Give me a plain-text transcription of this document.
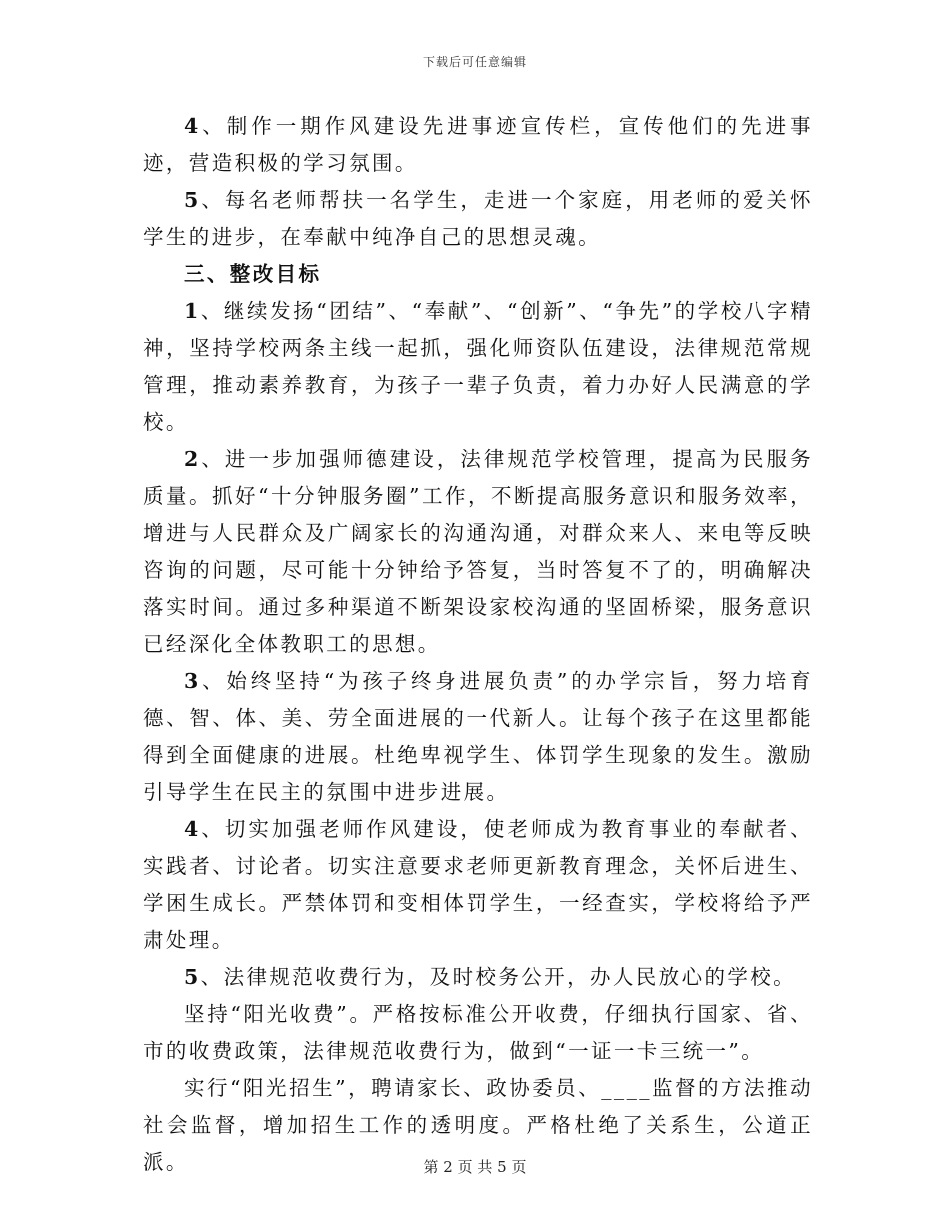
下载后可任意编辑

4、制作一期作风建设先进事迹宣传栏，宣传他们的先进事迹，营造积极的学习氛围。

5、每名老师帮扶一名学生，走进一个家庭，用老师的爱关怀学生的进步，在奉献中纯净自己的思想灵魂。

三、整改目标

1、继续发扬“团结”、“奉献”、“创新”、“争先”的学校八字精神，坚持学校两条主线一起抓，强化师资队伍建设，法律规范常规管理，推动素养教育，为孩子一辈子负责，着力办好人民满意的学校。

2、进一步加强师德建设，法律规范学校管理，提高为民服务质量。抓好“十分钟服务圈”工作，不断提高服务意识和服务效率，增进与人民群众及广阔家长的沟通沟通，对群众来人、来电等反映咨询的问题，尽可能十分钟给予答复，当时答复不了的，明确解决落实时间。通过多种渠道不断架设家校沟通的坚固桥梁，服务意识已经深化全体教职工的思想。

3、始终坚持“为孩子终身进展负责”的办学宗旨，努力培育德、智、体、美、劳全面进展的一代新人。让每个孩子在这里都能得到全面健康的进展。杜绝卑视学生、体罚学生现象的发生。激励引导学生在民主的氛围中进步进展。

4、切实加强老师作风建设，使老师成为教育事业的奉献者、实践者、讨论者。切实注意要求老师更新教育理念，关怀后进生、学困生成长。严禁体罚和变相体罚学生，一经查实，学校将给予严肃处理。

5、法律规范收费行为，及时校务公开，办人民放心的学校。

坚持“阳光收费”。严格按标准公开收费，仔细执行国家、省、市的收费政策，法律规范收费行为，做到“一证一卡三统一”。

实行“阳光招生”，聘请家长、政协委员、____监督的方法推动社会监督，增加招生工作的透明度。严格杜绝了关系生，公道正派。	第 2 页 共 5 页
